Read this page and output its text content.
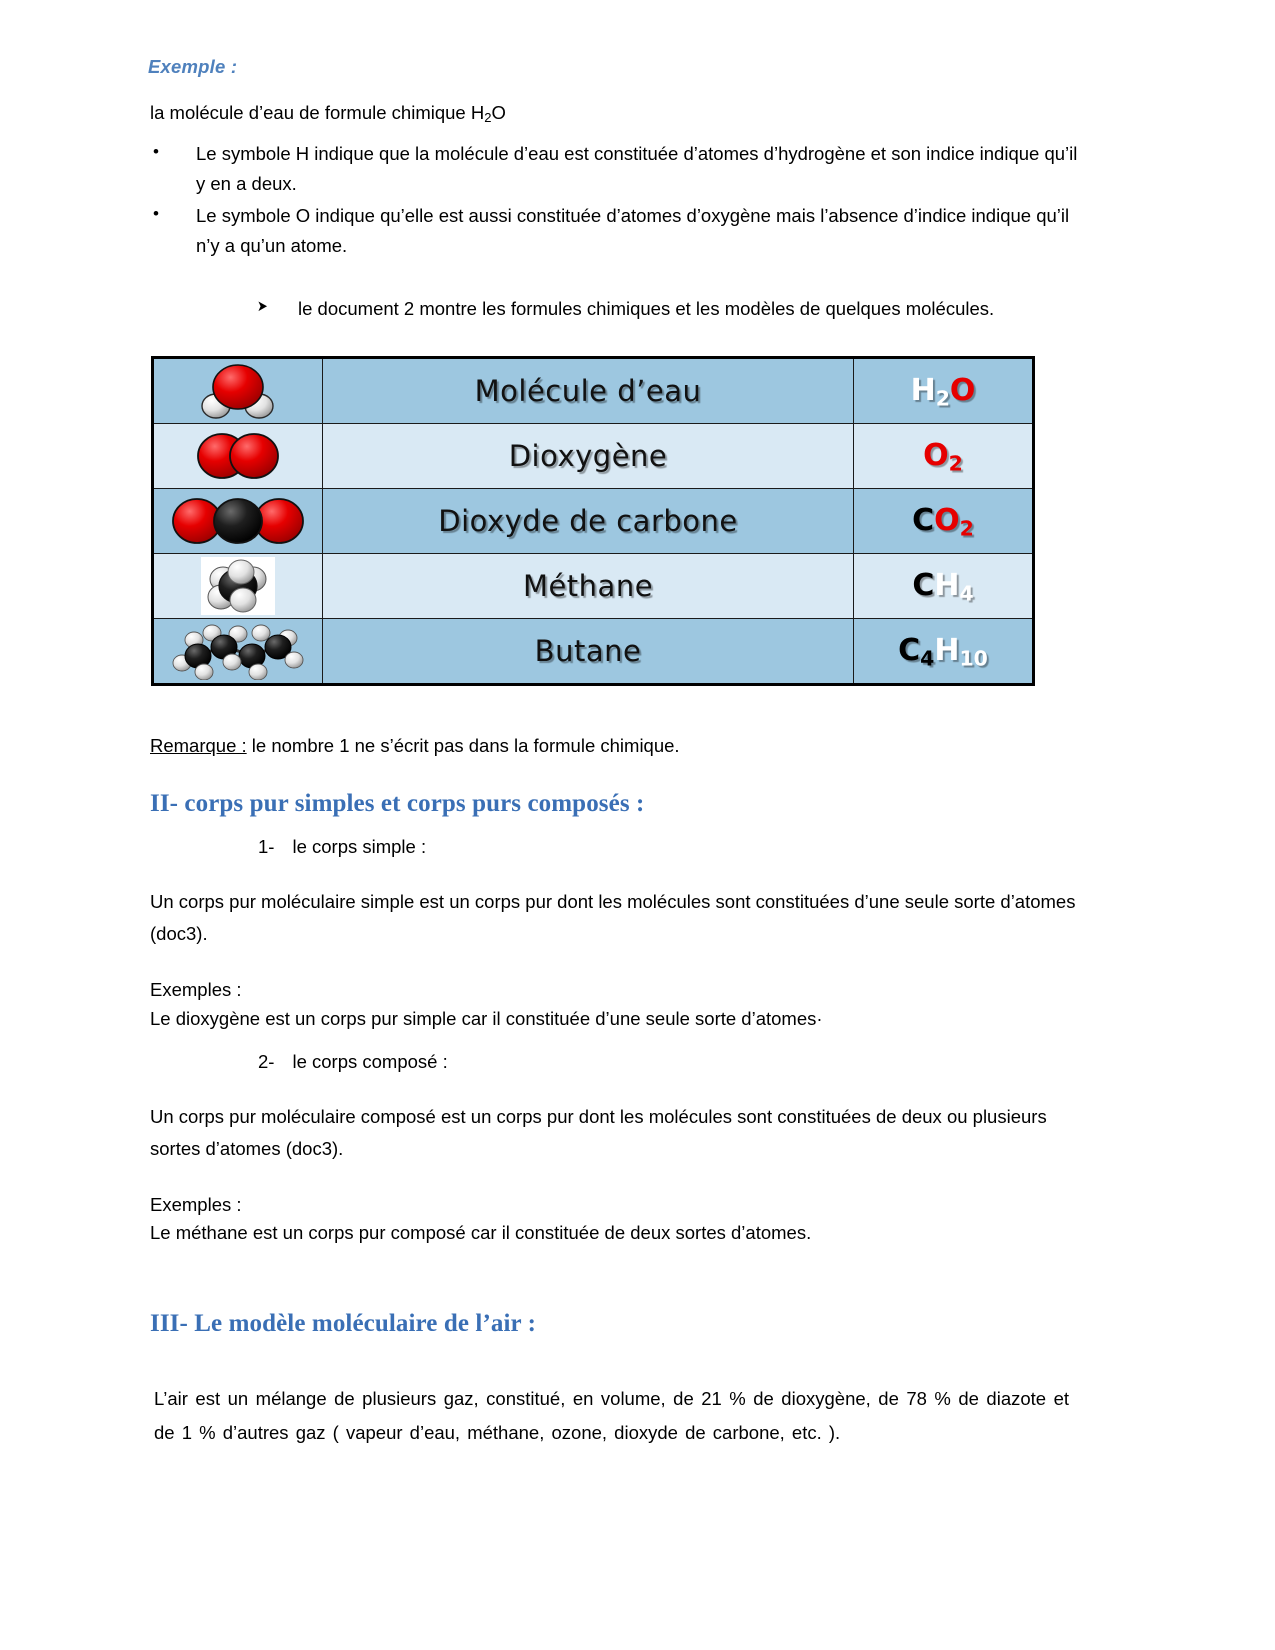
Exemple :
la molécule d’eau de formule chimique $H_2O$
• Le symbole H indique que la molécule d’eau est constituée d’atomes d’hydrogène et son indice indique qu’il y en a deux.
• Le symbole O indique qu’elle est aussi constituée d’atomes d’oxygène mais l’absence d’indice indique qu’il n’y a qu’un atome.
➤ le document 2 montre les formules chimiques et les modèles de quelques molécules.

Molécule d’eau	$H_2O$

Dioxygène	$O_2$

Dioxyde de carbone	$CO_2$

Méthane	$CH_4$

Butane	$C_4H_{10}$
Remarque : le nombre 1 ne s’écrit pas dans la formule chimique.
II- corps pur simples et corps purs composés :
1- le corps simple :

Un corps pur moléculaire simple est un corps pur dont les molécules sont constituées d’une seule sorte d’atomes (doc3).

Exemples :
Le dioxygène est un corps pur simple car il constituée d’une seule sorte d’atomes·

2- le corps composé :

Un corps pur moléculaire composé est un corps pur dont les molécules sont constituées de deux ou plusieurs sortes d’atomes (doc3).

Exemples :
Le méthane est un corps pur composé car il constituée de deux sortes d’atomes.

III- Le modèle moléculaire de l’air :

L’air est un mélange de plusieurs gaz, constitué, en volume, de 21 % de dioxygène, de 78 % de diazote et de 1 % d’autres gaz ( vapeur d’eau, méthane, ozone, dioxyde de carbone, etc. ).
